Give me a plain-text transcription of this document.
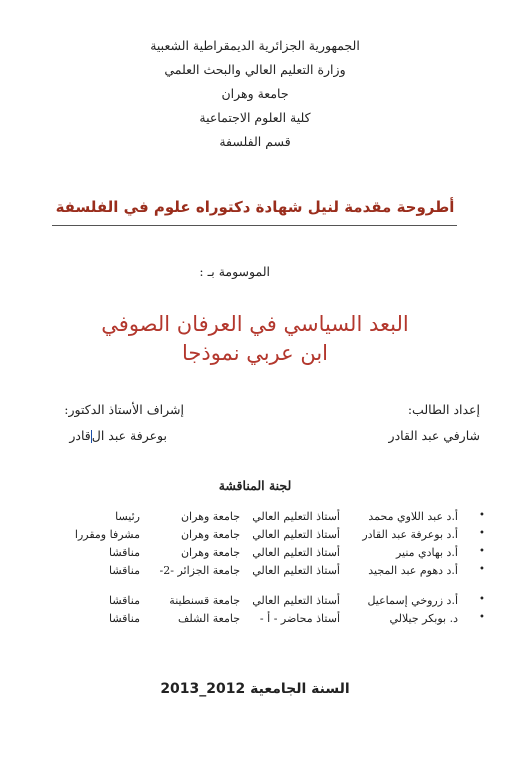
الجمهورية الجزائرية الديمقراطية الشعبية
وزارة التعليم العالي والبحث العلمي
جامعة وهران
كلية العلوم الاجتماعية
قسم الفلسفة
أطروحة مقدمة لنيل شهادة دكتوراه علوم في الفلسفة
الموسومة بـ :
البعد السياسي في العرفان الصوفي
ابن عربي نموذجا
إعداد الطالب:
شارفي عبد القادر
إشراف الأستاذ الدكتور:
بوعرفة عبد القادر
لجنة المناقشة
•
أ.د عبد اللاوي محمد
أستاذ التعليم العالي
جامعة وهران
رئيسا
•
أ.د بوعرفة عبد القادر
أستاذ التعليم العالي
جامعة وهران
مشرفا ومقررا
•
أ.د بهادي منير
أستاذ التعليم العالي
جامعة وهران
مناقشا
•
أ.د دهوم عبد المجيد
أستاذ التعليم العالي
جامعة الجزائر -2-
مناقشا
•
أ.د زروخي إسماعيل
أستاذ التعليم العالي
جامعة قسنطينة
مناقشا
•
د. بوبكر جيلالي
أستاذ محاضر - أ -
جامعة الشلف
مناقشا
السنة الجامعية 2012_2013
